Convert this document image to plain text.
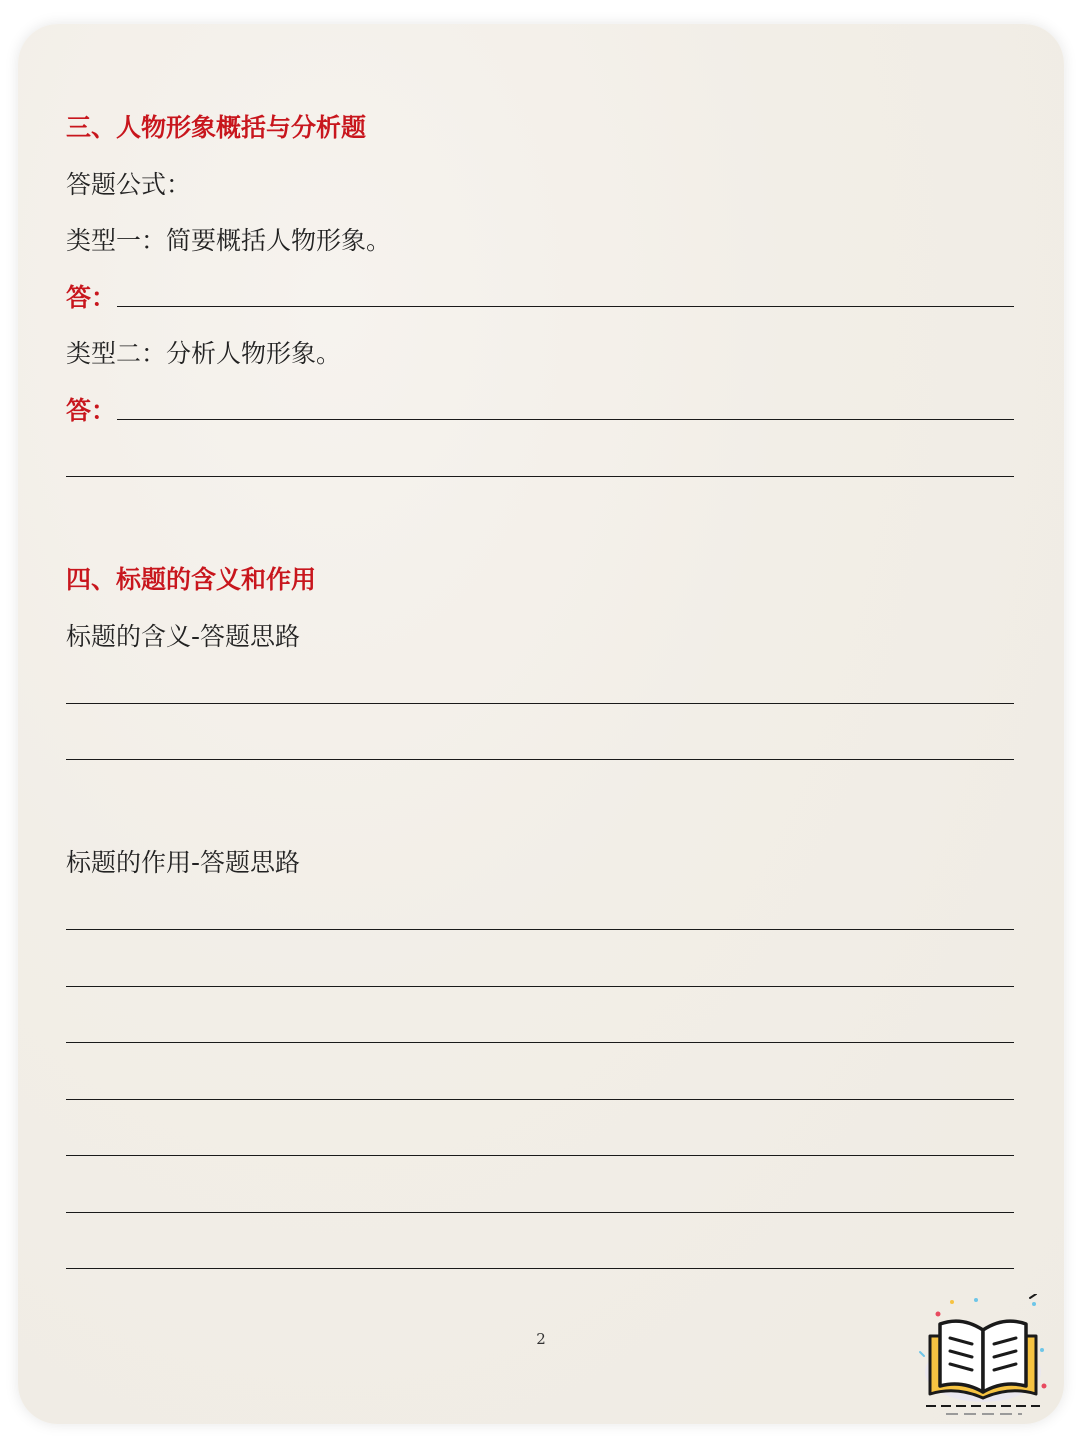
三、人物形象概括与分析题
答题公式：
类型一：简要概括人物形象。
答：
类型二：分析人物形象。
答：
四、标题的含义和作用
标题的含义-答题思路
标题的作用-答题思路
2
